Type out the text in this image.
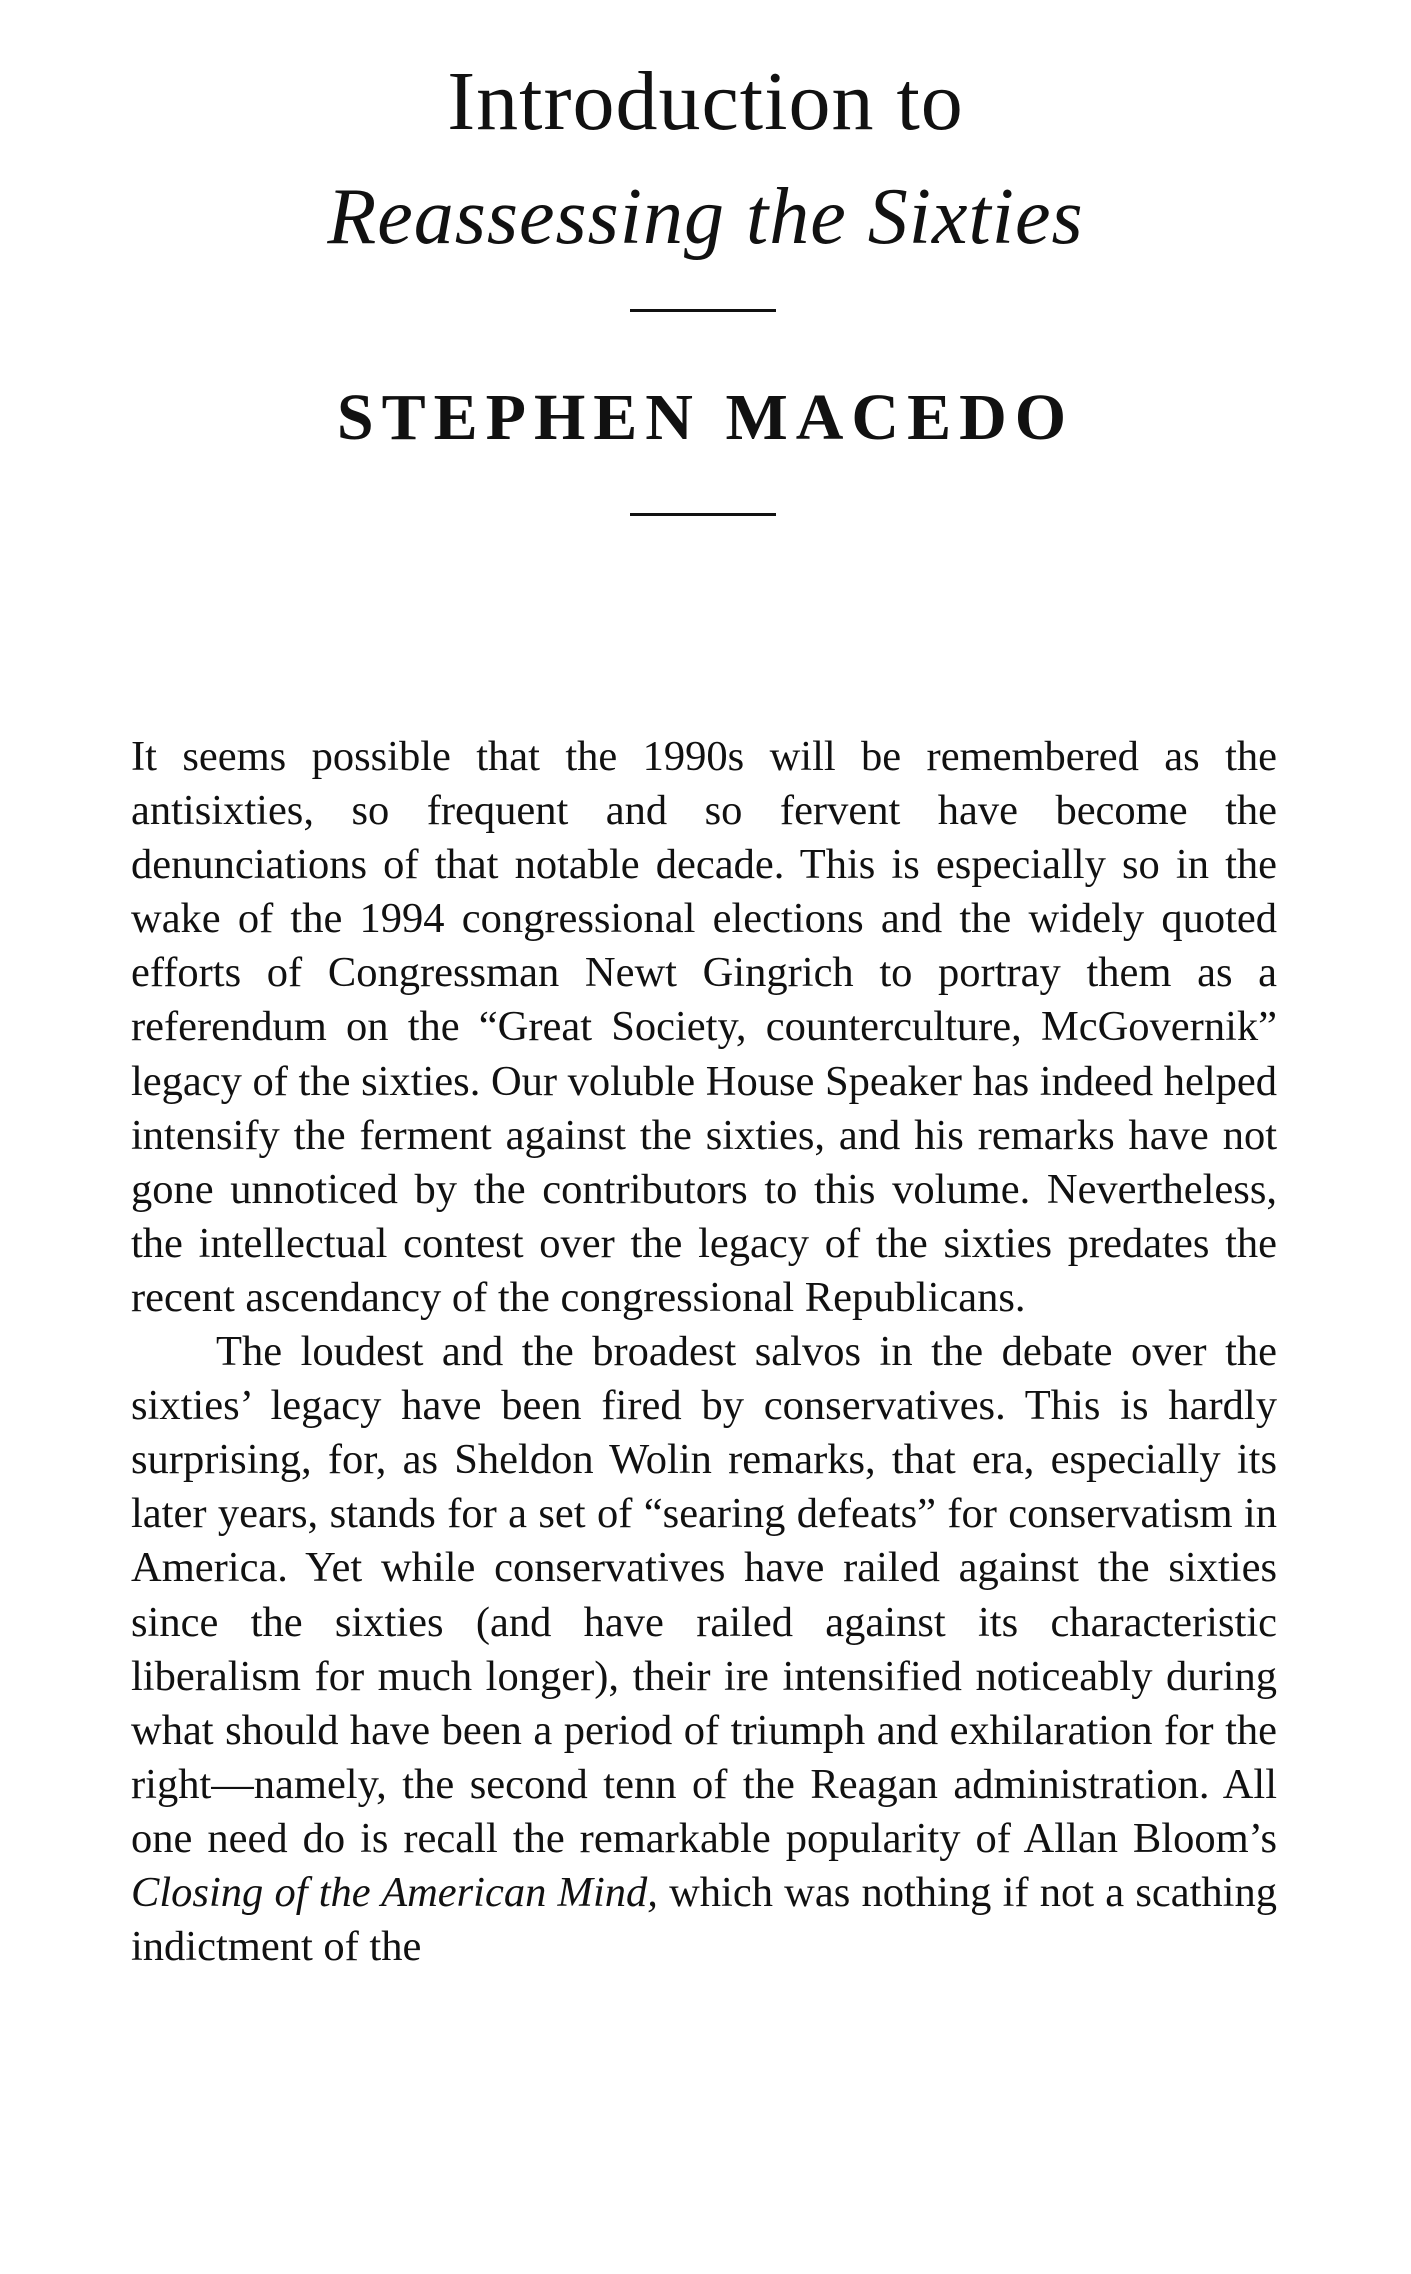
Introduction to
Reassessing the Sixties
STEPHEN MACEDO

It seems possible that the 1990s will be remembered as the antisixties, so frequent and so fervent have become the denunciations of that notable decade. This is especially so in the wake of the 1994 congressional elections and the widely quoted efforts of Congressman Newt Gingrich to portray them as a referendum on the “Great Society, counterculture, McGovernik” legacy of the sixties. Our voluble House Speaker has indeed helped intensify the ferment against the sixties, and his remarks have not gone unnoticed by the contributors to this volume. Nevertheless, the intellectual contest over the legacy of the sixties predates the recent ascendancy of the congressional Republicans.

The loudest and the broadest salvos in the debate over the sixties’ legacy have been fired by conservatives. This is hardly surprising, for, as Sheldon Wolin remarks, that era, especially its later years, stands for a set of “searing defeats” for conservatism in America. Yet while conservatives have railed against the sixties since the sixties (and have railed against its characteristic liberalism for much longer), their ire intensified noticeably during what should have been a period of triumph and exhilaration for the right—namely, the second tenn of the Reagan administration. All one need do is recall the remarkable popularity of Allan Bloom’s Closing of the American Mind, which was nothing if not a scathing indictment of the
